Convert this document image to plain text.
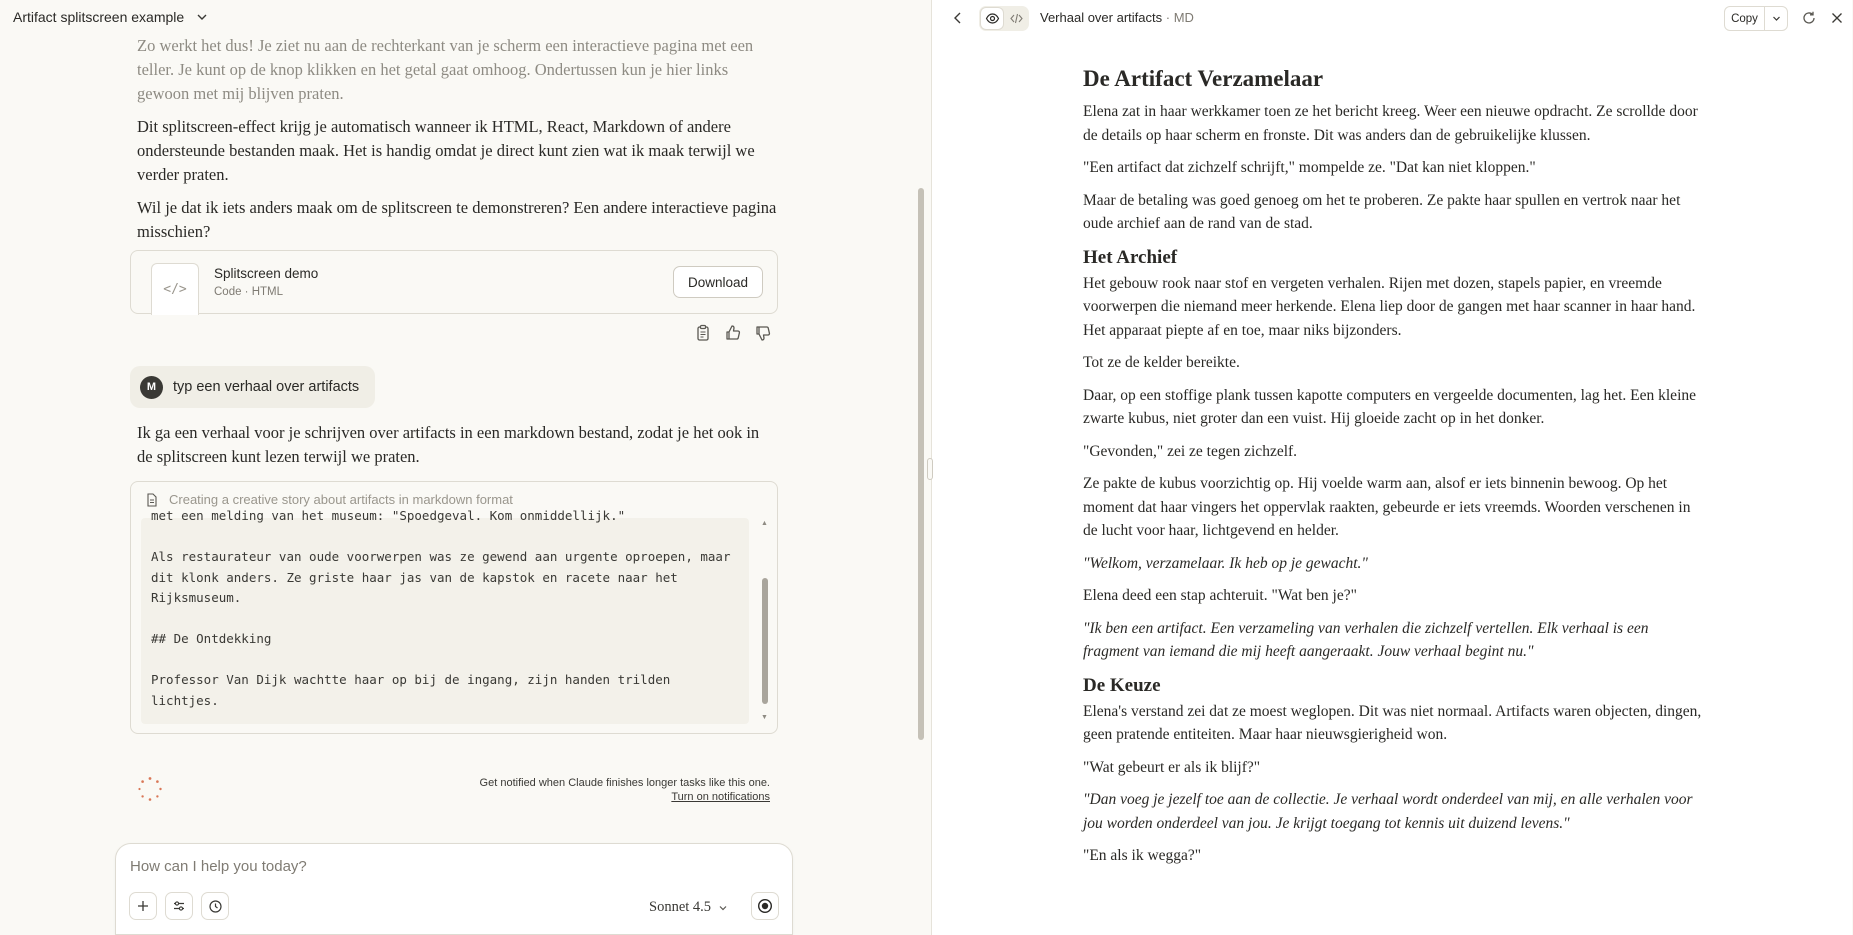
Artifact splitscreen example

Zo werkt het dus! Je ziet nu aan de rechterkant van je scherm een interactieve pagina met een teller. Je kunt op de knop klikken en het getal gaat omhoog. Ondertussen kun je hier links gewoon met mij blijven praten.

Dit splitscreen-effect krijg je automatisch wanneer ik HTML, React, Markdown of andere ondersteunde bestanden maak. Het is handig omdat je direct kunt zien wat ik maak terwijl we verder praten.

Wil je dat ik iets anders maak om de splitscreen te demonstreren? Een andere interactieve pagina misschien?

</>
Splitscreen demo
Code · HTML
Download
M	typ een verhaal over artifacts
Ik ga een verhaal voor je schrijven over artifacts in een markdown bestand, zodat je het ook in de splitscreen kunt lezen terwijl we praten.
Creating a creative story about artifacts in markdown format

met een melding van het museum: "Spoedgeval. Kom onmiddellijk."
Als restaurateur van oude voorwerpen was ze gewend aan urgente oproepen, maar
dit klonk anders. Ze griste haar jas van de kapstok en racete naar het
Rijksmuseum.
## De Ontdekking
Professor Van Dijk wachtte haar op bij de ingang, zijn handen trilden
lichtjes.

▲
▼
Get notified when Claude finishes longer tasks like this one.
Turn on notifications
How can I help you today?
Sonnet 4.5
Verhaal over artifacts · MD	Copy
De Artifact Verzamelaar

Elena zat in haar werkkamer toen ze het bericht kreeg. Weer een nieuwe opdracht. Ze scrollde door de details op haar scherm en fronste. Dit was anders dan de gebruikelijke klussen.

"Een artifact dat zichzelf schrijft," mompelde ze. "Dat kan niet kloppen."

Maar de betaling was goed genoeg om het te proberen. Ze pakte haar spullen en vertrok naar het oude archief aan de rand van de stad.

Het Archief

Het gebouw rook naar stof en vergeten verhalen. Rijen met dozen, stapels papier, en vreemde voorwerpen die niemand meer herkende. Elena liep door de gangen met haar scanner in haar hand. Het apparaat piepte af en toe, maar niks bijzonders.

Tot ze de kelder bereikte.

Daar, op een stoffige plank tussen kapotte computers en vergeelde documenten, lag het. Een kleine zwarte kubus, niet groter dan een vuist. Hij gloeide zacht op in het donker.

"Gevonden," zei ze tegen zichzelf.

Ze pakte de kubus voorzichtig op. Hij voelde warm aan, alsof er iets binnenin bewoog. Op het moment dat haar vingers het oppervlak raakten, gebeurde er iets vreemds. Woorden verschenen in de lucht voor haar, lichtgevend en helder.

"Welkom, verzamelaar. Ik heb op je gewacht."

Elena deed een stap achteruit. "Wat ben je?"

"Ik ben een artifact. Een verzameling van verhalen die zichzelf vertellen. Elk verhaal is een fragment van iemand die mij heeft aangeraakt. Jouw verhaal begint nu."

De Keuze

Elena's verstand zei dat ze moest weglopen. Dit was niet normaal. Artifacts waren objecten, dingen, geen pratende entiteiten. Maar haar nieuwsgierigheid won.

"Wat gebeurt er als ik blijf?"

"Dan voeg je jezelf toe aan de collectie. Je verhaal wordt onderdeel van mij, en alle verhalen voor jou worden onderdeel van jou. Je krijgt toegang tot kennis uit duizend levens."

"En als ik wegga?"
